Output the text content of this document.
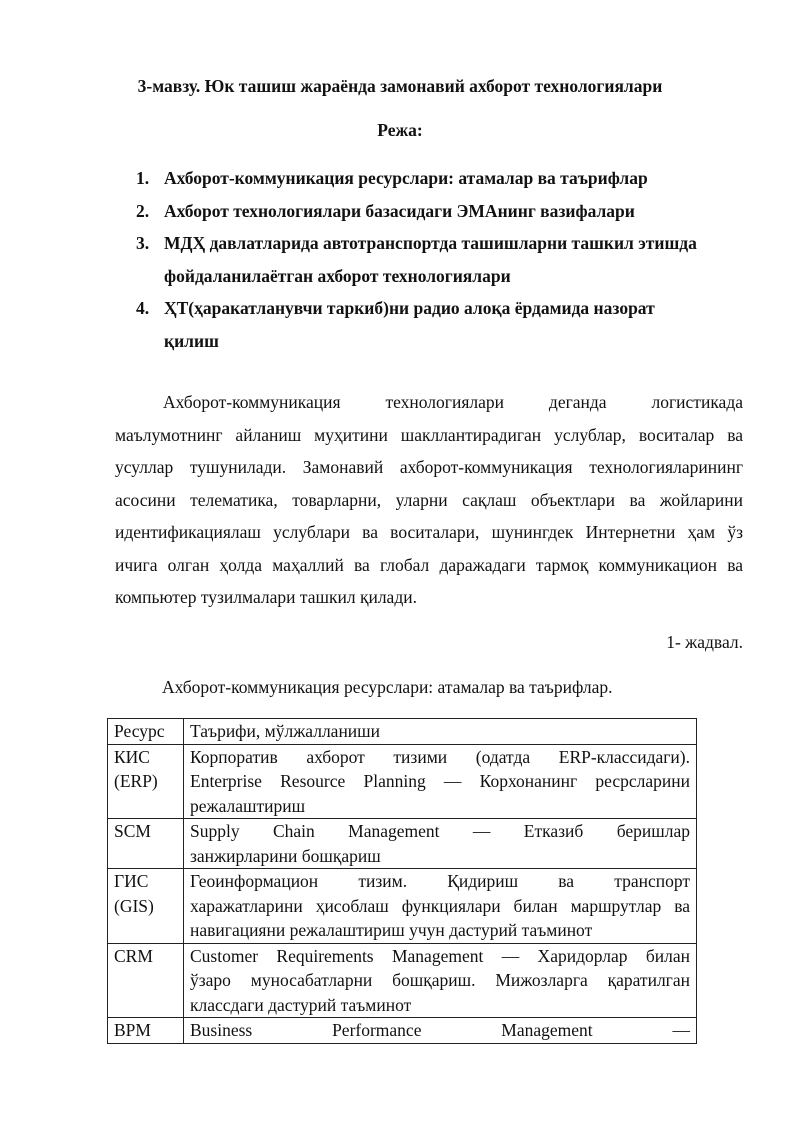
3-мавзу. Юк ташиш жараёнда замонавий ахборот технологиялари
Режа:
1. Ахборот-коммуникация ресурслари: атамалар ва таърифлар
2. Ахборот технологиялари базасидаги ЭМАнинг вазифалари
3. МДҲ давлатларида автотранспортда ташишларни ташкил этишда
фойдаланилаётган ахборот технологиялари
4. ҲТ(ҳаракатланувчи таркиб)ни радио алоқа ёрдамида назорат
қилиш
Ахборот-коммуникация технологиялари деганда логистикада
маълумотнинг айланиш муҳитини шакллантирадиган услублар, воситалар ва
усуллар тушунилади. Замонавий ахборот-коммуникация технологияларининг
асосини телематика, товарларни, уларни сақлаш объектлари ва жойларини
идентификациялаш услублари ва воситалари, шунингдек Интернетни ҳам ўз
ичига олган ҳолда маҳаллий ва глобал даражадаги тармоқ коммуникацион ва
компьютер тузилмалари ташкил қилади.
1- жадвал.
Ахборот-коммуникация ресурслари: атамалар ва таърифлар.
Ресурс	Таърифи, мўлжалланиши
КИС
(ERP)	Корпоратив ахборот тизими (одатда ERP-классидаги).
Enterprise Resource Planning — Корхонанинг ресрсларини
режалаштириш

SCM	Supply Chain Management — Етказиб беришлар
занжирларини бошқариш

ГИС
(GIS)	Геоинформацион тизим. Қидириш ва транспорт
харажатларини ҳисоблаш функциялари билан маршрутлар ва
навигацияни режалаштириш учун дастурий таъминот

CRM	Customer Requirements Management — Харидорлар билан
ўзаро муносабатларни бошқариш. Мижозларга қаратилган
классдаги дастурий таъминот

BPM	Business Performance Management —
